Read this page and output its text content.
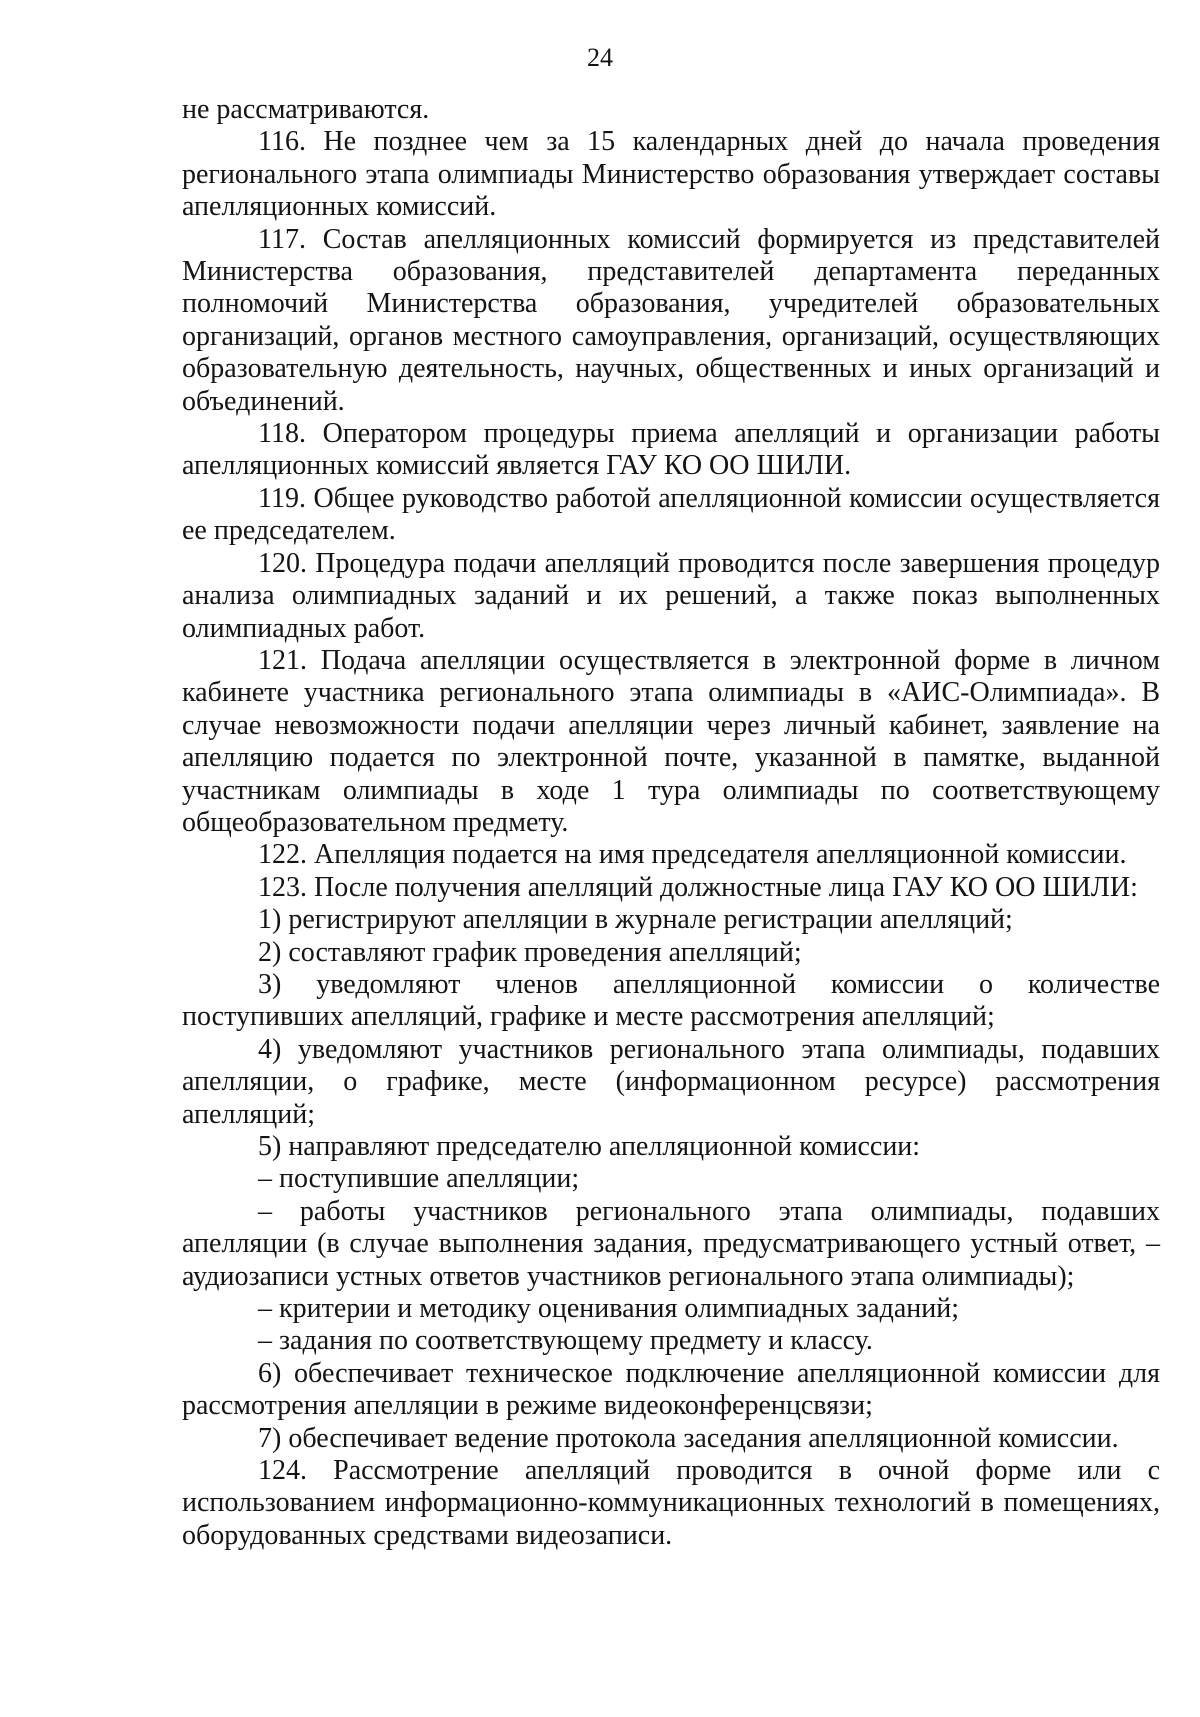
24

не рассматриваются.

116. Не позднее чем за 15 календарных дней до начала проведения регионального этапа олимпиады Министерство образования утверждает составы апелляционных комиссий.

117. Состав апелляционных комиссий формируется из представителей Министерства образования, представителей департамента переданных полномочий Министерства образования, учредителей образовательных организаций, органов местного самоуправления, организаций, осуществляющих образовательную деятельность, научных, общественных и иных организаций и объединений.

118. Оператором процедуры приема апелляций и организации работы апелляционных комиссий является ГАУ КО ОО ШИЛИ.

119. Общее руководство работой апелляционной комиссии осуществляется ее председателем.

120. Процедура подачи апелляций проводится после завершения процедур анализа олимпиадных заданий и их решений, а также показ выполненных олимпиадных работ.

121. Подача апелляции осуществляется в электронной форме в личном кабинете участника регионального этапа олимпиады в «АИС-Олимпиада». В случае невозможности подачи апелляции через личный кабинет, заявление на апелляцию подается по электронной почте, указанной в памятке, выданной участникам олимпиады в ходе 1 тура олимпиады по соответствующему общеобразовательном предмету.

122. Апелляция подается на имя председателя апелляционной комиссии.

123. После получения апелляций должностные лица ГАУ КО ОО ШИЛИ:

1) регистрируют апелляции в журнале регистрации апелляций;

2) составляют график проведения апелляций;

3) уведомляют членов апелляционной комиссии о количестве поступивших апелляций, графике и месте рассмотрения апелляций;

4) уведомляют участников регионального этапа олимпиады, подавших апелляции, о графике, месте (информационном ресурсе) рассмотрения апелляций;

5) направляют председателю апелляционной комиссии:

– поступившие апелляции;

– работы участников регионального этапа олимпиады, подавших апелляции (в случае выполнения задания, предусматривающего устный ответ, – аудиозаписи устных ответов участников регионального этапа олимпиады);

– критерии и методику оценивания олимпиадных заданий;

– задания по соответствующему предмету и классу.

6) обеспечивает техническое подключение апелляционной комиссии для рассмотрения апелляции в режиме видеоконференцсвязи;

7) обеспечивает ведение протокола заседания апелляционной комиссии.

124. Рассмотрение апелляций проводится в очной форме или с использованием информационно-коммуникационных технологий в помещениях, оборудованных средствами видеозаписи.
